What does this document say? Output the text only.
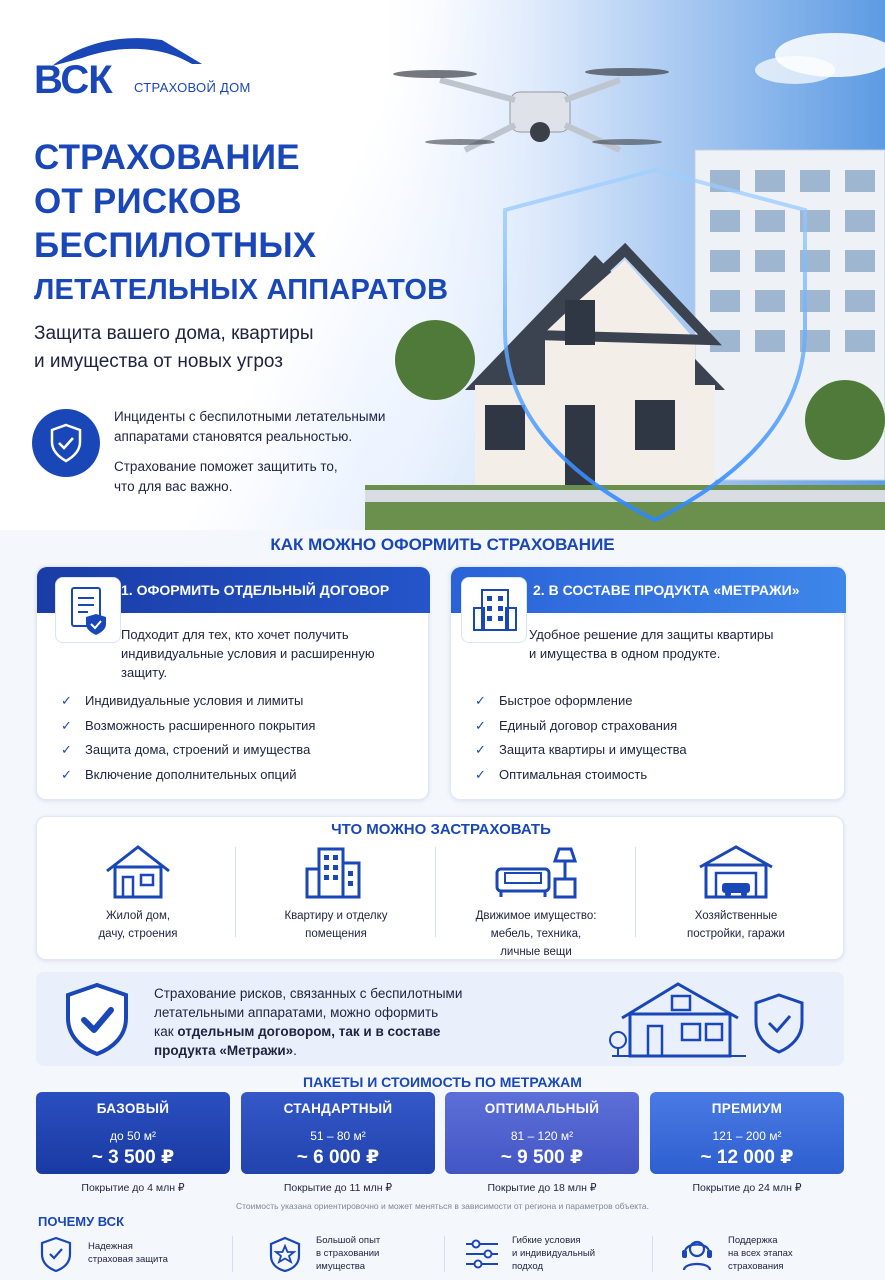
ВСК СТРАХОВОЙ ДОМ
СТРАХОВАНИЕ
ОТ РИСКОВ
БЕСПИЛОТНЫХ
ЛЕТАТЕЛЬНЫХ АППАРАТОВ
Защита вашего дома, квартиры
и имущества от новых угроз

Инциденты с беспилотными летательными
аппаратами становятся реальностью.

Страхование поможет защитить то,
что для вас важно.

КАК МОЖНО ОФОРМИТЬ СТРАХОВАНИЕ
1. ОФОРМИТЬ ОТДЕЛЬНЫЙ ДОГОВОР
Подходит для тех, кто хочет получить
индивидуальные условия и расширенную
защиту.
✓ Индивидуальные условия и лимиты
✓ Возможность расширенного покрытия
✓ Защита дома, строений и имущества
✓ Включение дополнительных опций
2. В СОСТАВЕ ПРОДУКТА «МЕТРАЖИ»
Удобное решение для защиты квартиры
и имущества в одном продукте.
✓ Быстрое оформление
✓ Единый договор страхования
✓ Защита квартиры и имущества
✓ Оптимальная стоимость
ЧТО МОЖНО ЗАСТРАХОВАТЬ
Жилой дом,
дачу, строения
Квартиру и отделку
помещения
Движимое имущество:
мебель, техника,
личные вещи
Хозяйственные
постройки, гаражи
Страхование рисков, связанных с беспилотными
летательными аппаратами, можно оформить
как отдельным договором, так и в составе
продукта «Метражи».
ПАКЕТЫ И СТОИМОСТЬ ПО МЕТРАЖАМ
БАЗОВЫЙ
до 50 м²
~ 3 500 ₽
СТАНДАРТНЫЙ
51 – 80 м²
~ 6 000 ₽
ОПТИМАЛЬНЫЙ
81 – 120 м²
~ 9 500 ₽
ПРЕМИУМ
121 – 200 м²
~ 12 000 ₽
Покрытие до 4 млн ₽	Покрытие до 11 млн ₽	Покрытие до 18 млн ₽	Покрытие до 24 млн ₽
Стоимость указана ориентировочно и может меняться в зависимости от региона и параметров объекта.
ПОЧЕМУ ВСК
Надежная
страховая защита
Большой опыт
в страховании
имущества
Гибкие условия
и индивидуальный
подход
Поддержка
на всех этапах
страхования
